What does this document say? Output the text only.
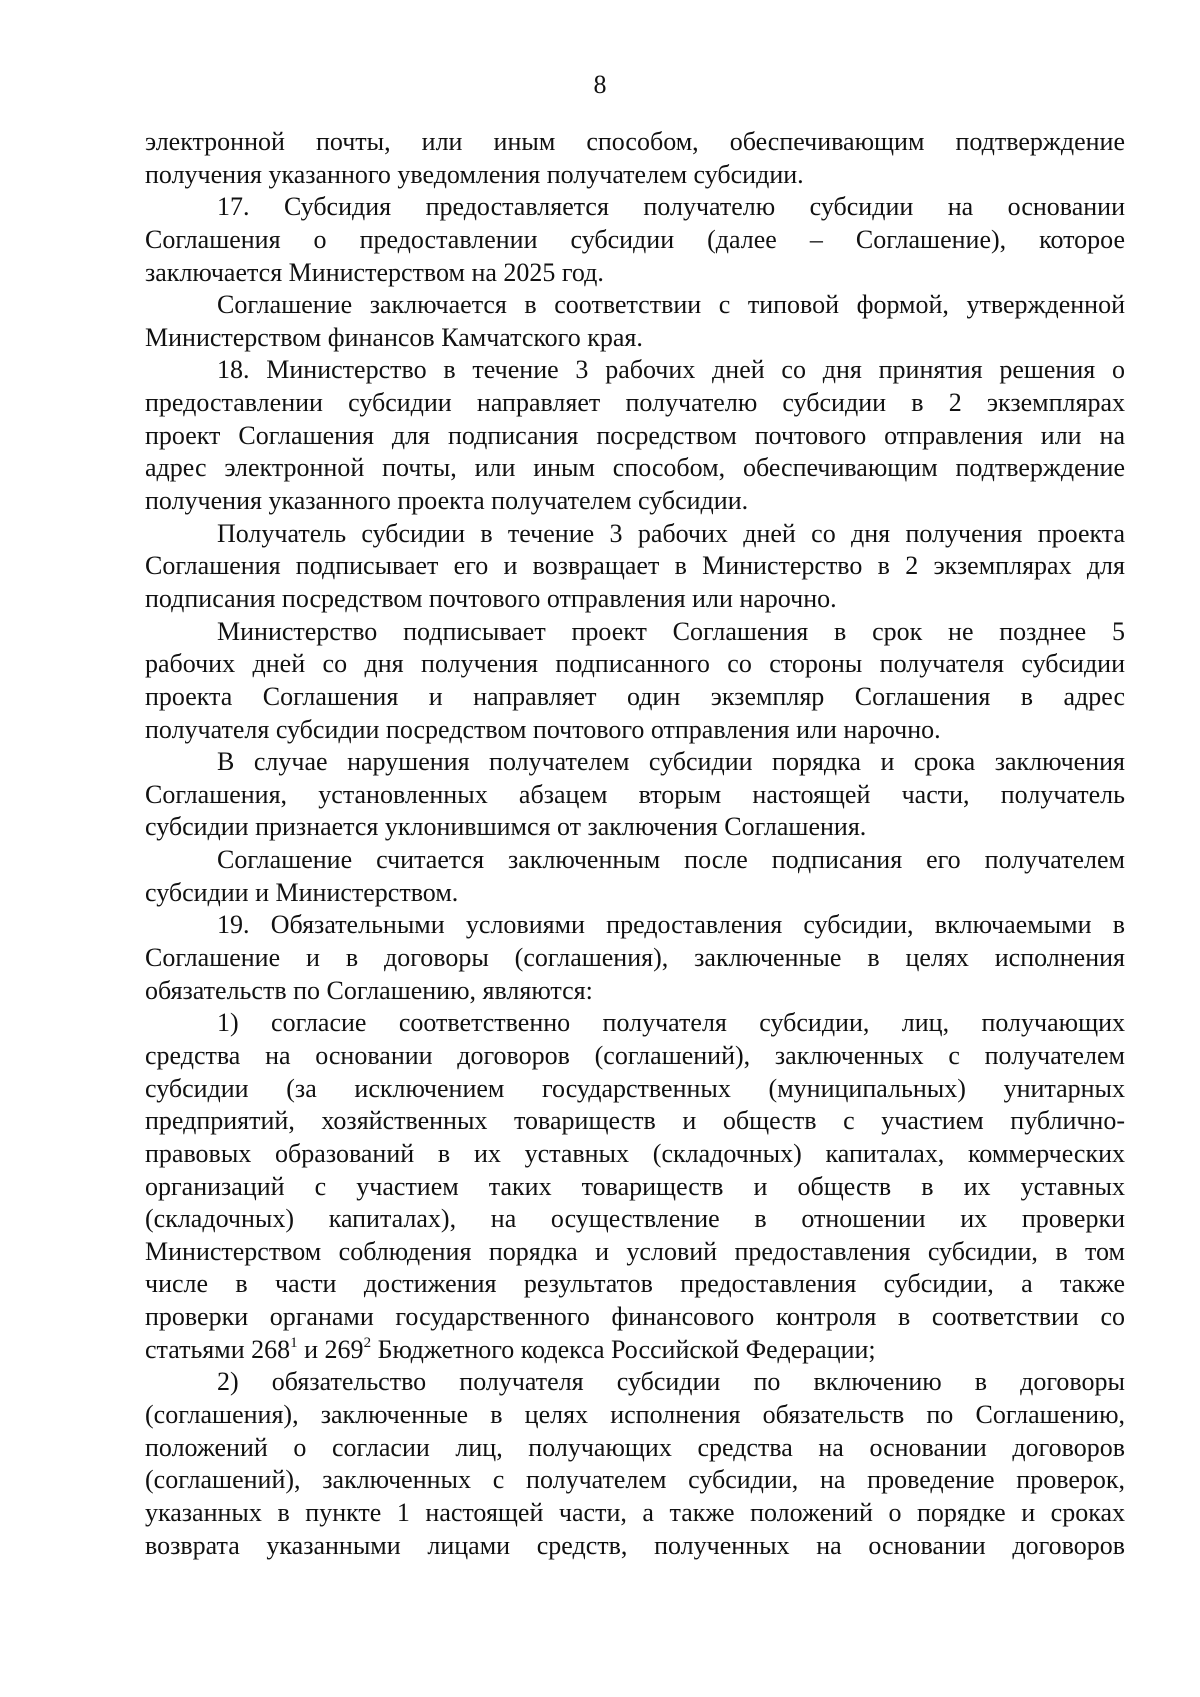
8
электронной почты, или иным способом, обеспечивающим подтверждение
получения указанного уведомления получателем субсидии.
17. Субсидия предоставляется получателю субсидии на основании
Соглашения о предоставлении субсидии (далее – Соглашение), которое
заключается Министерством на 2025 год.
Соглашение заключается в соответствии с типовой формой, утвержденной
Министерством финансов Камчатского края.
18. Министерство в течение 3 рабочих дней со дня принятия решения о
предоставлении субсидии направляет получателю субсидии в 2 экземплярах
проект Соглашения для подписания посредством почтового отправления или на
адрес электронной почты, или иным способом, обеспечивающим подтверждение
получения указанного проекта получателем субсидии.
Получатель субсидии в течение 3 рабочих дней со дня получения проекта
Соглашения подписывает его и возвращает в Министерство в 2 экземплярах для
подписания посредством почтового отправления или нарочно.
Министерство подписывает проект Соглашения в срок не позднее 5
рабочих дней со дня получения подписанного со стороны получателя субсидии
проекта Соглашения и направляет один экземпляр Соглашения в адрес
получателя субсидии посредством почтового отправления или нарочно.
В случае нарушения получателем субсидии порядка и срока заключения
Соглашения, установленных абзацем вторым настоящей части, получатель
субсидии признается уклонившимся от заключения Соглашения.
Соглашение считается заключенным после подписания его получателем
субсидии и Министерством.
19. Обязательными условиями предоставления субсидии, включаемыми в
Соглашение и в договоры (соглашения), заключенные в целях исполнения
обязательств по Соглашению, являются:
1) согласие соответственно получателя субсидии, лиц, получающих
средства на основании договоров (соглашений), заключенных с получателем
субсидии (за исключением государственных (муниципальных) унитарных
предприятий, хозяйственных товариществ и обществ с участием публично-
правовых образований в их уставных (складочных) капиталах, коммерческих
организаций с участием таких товариществ и обществ в их уставных
(складочных) капиталах), на осуществление в отношении их проверки
Министерством соблюдения порядка и условий предоставления субсидии, в том
числе в части достижения результатов предоставления субсидии, а также
проверки органами государственного финансового контроля в соответствии со
статьями $268^1$ и $269^2$ Бюджетного кодекса Российской Федерации;
2) обязательство получателя субсидии по включению в договоры
(соглашения), заключенные в целях исполнения обязательств по Соглашению,
положений о согласии лиц, получающих средства на основании договоров
(соглашений), заключенных с получателем субсидии, на проведение проверок,
указанных в пункте 1 настоящей части, а также положений о порядке и сроках
возврата указанными лицами средств, полученных на основании договоров
